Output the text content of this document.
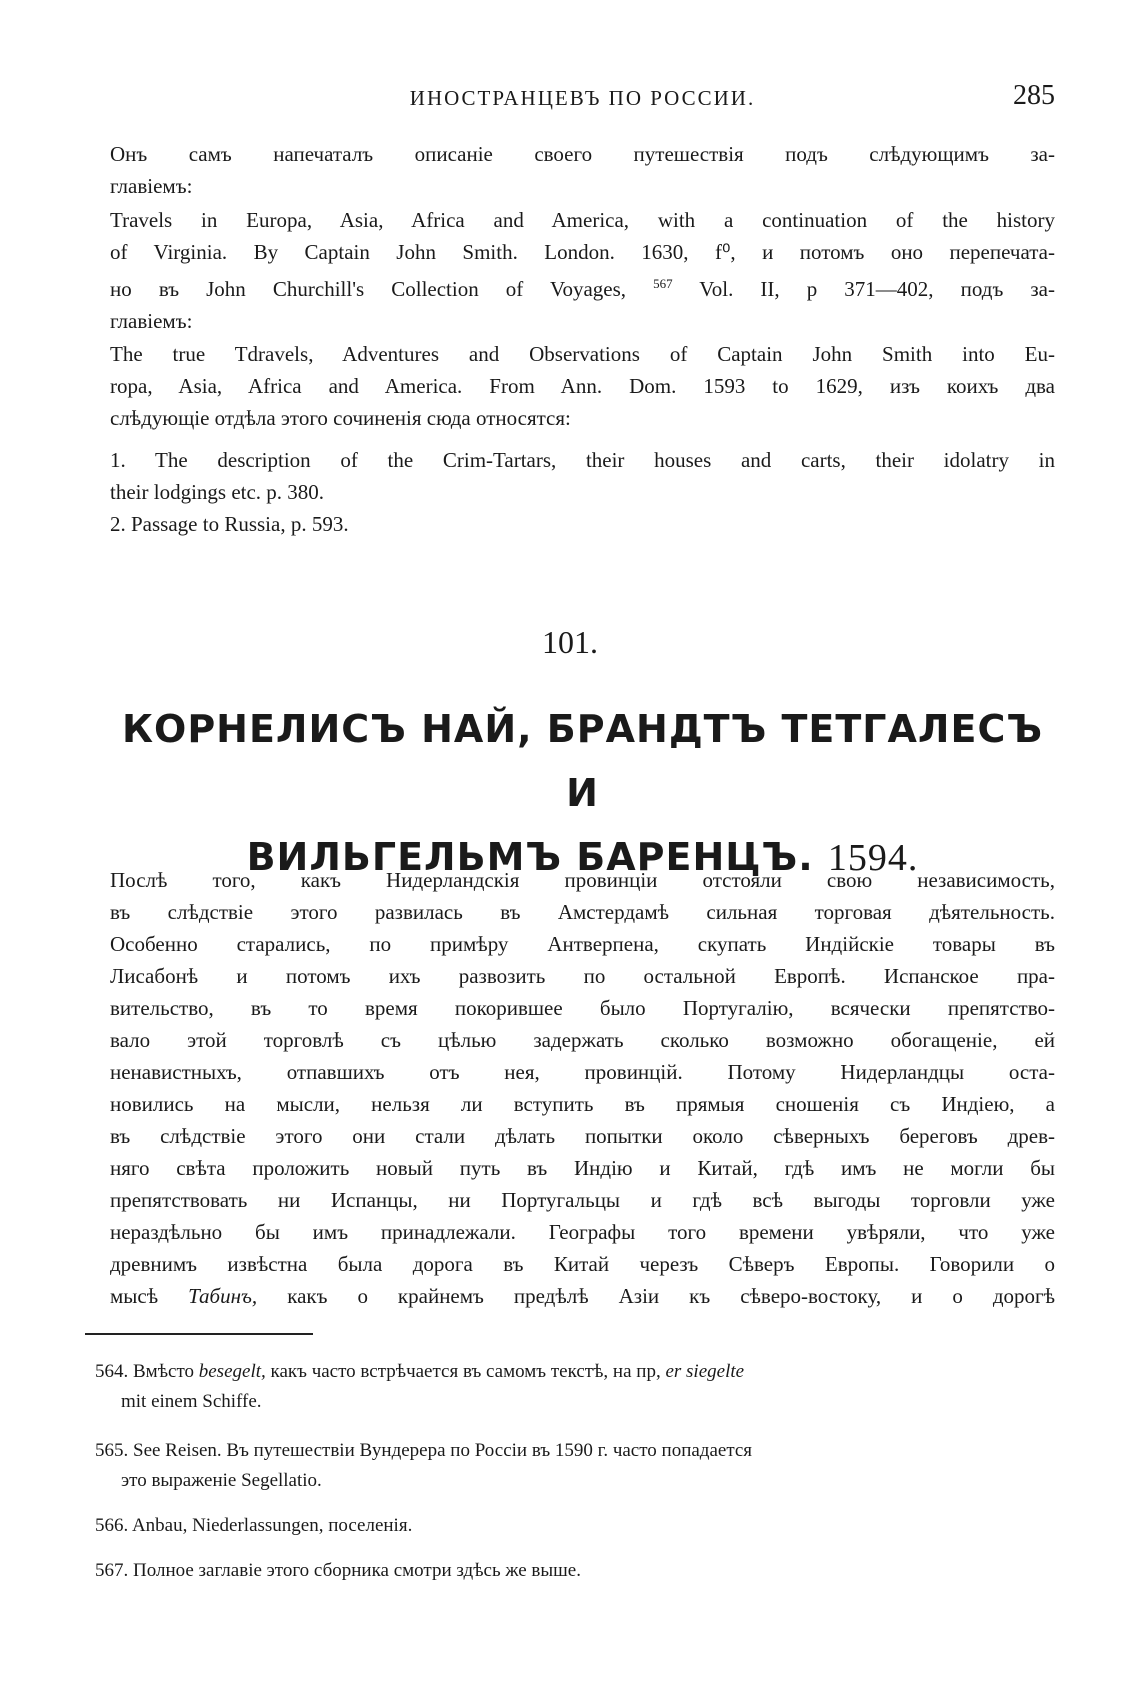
ИНОСТРАНЦЕВЪ ПО РОССИИ.	285

Онъ самъ напечаталъ описаніе своего путешествія подъ слѣдующимъ за-
главіемъ:

Travels in Europa, Asia, Africa and America, with a continuation of the history
of Virginia. By Captain John Smith. London. 1630, f⁰, и потомъ оно перепечата-
но въ John Churchill's Collection of Voyages, $^{567}$ Vol. II, p 371—402, подъ за-
главіемъ:

The true Tdravels, Adventures and Observations of Captain John Smith into Eu-
ropa, Asia, Africa and America. From Ann. Dom. 1593 to 1629, изъ коихъ два
слѣдующіе отдѣла этого сочиненія сюда относятся:

1. The description of the Crim-Tartars, their houses and carts, their idolatry in
their lodgings etc. p. 380.
2. Passage to Russia, p. 593.

101.
КОРНЕЛИСЪ НАЙ, БРАНДТЪ ТЕТГАЛЕСЪ И
ВИЛЬГЕЛЬМЪ БАРЕНЦЪ. 1594.

Послѣ того, какъ Нидерландскія провинціи отстояли свою независимость,
въ слѣдствіе этого развилась въ Амстердамѣ сильная торговая дѣятельность.
Особенно старались, по примѣру Антверпена, скупать Индійскіе товары въ
Лисабонѣ и потомъ ихъ развозить по остальной Европѣ. Испанское пра-
вительство, въ то время покорившее было Португалію, всячески препятство-
вало этой торговлѣ съ цѣлью задержать сколько возможно обогащеніе, ей
ненавистныхъ, отпавшихъ отъ нея, провинцій. Потому Нидерландцы оста-
новились на мысли, нельзя ли вступить въ прямыя сношенія съ Индіею, а
въ слѣдствіе этого они стали дѣлать попытки около сѣверныхъ береговъ древ-
няго свѣта проложить новый путь въ Индію и Китай, гдѣ имъ не могли бы
препятствовать ни Испанцы, ни Португальцы и гдѣ всѣ выгоды торговли уже
нераздѣльно бы имъ принадлежали. Географы того времени увѣряли, что уже
древнимъ извѣстна была дорога въ Китай черезъ Сѣверъ Европы. Говорили о
мысѣ Табинъ, какъ о крайнемъ предѣлѣ Азіи къ сѣверо-востоку, и о дорогѣ

564. Вмѣсто besegelt, какъ часто встрѣчается въ самомъ текстѣ, на пр, er siegelte
mit einem Schiffe.

565. See Reisen. Въ путешествіи Вундерера по Россіи въ 1590 г. часто попадается
это выраженіе Segellatio.

566. Anbau, Niederlassungen, поселенія.

567. Полное заглавіе этого сборника смотри здѣсь же выше.
